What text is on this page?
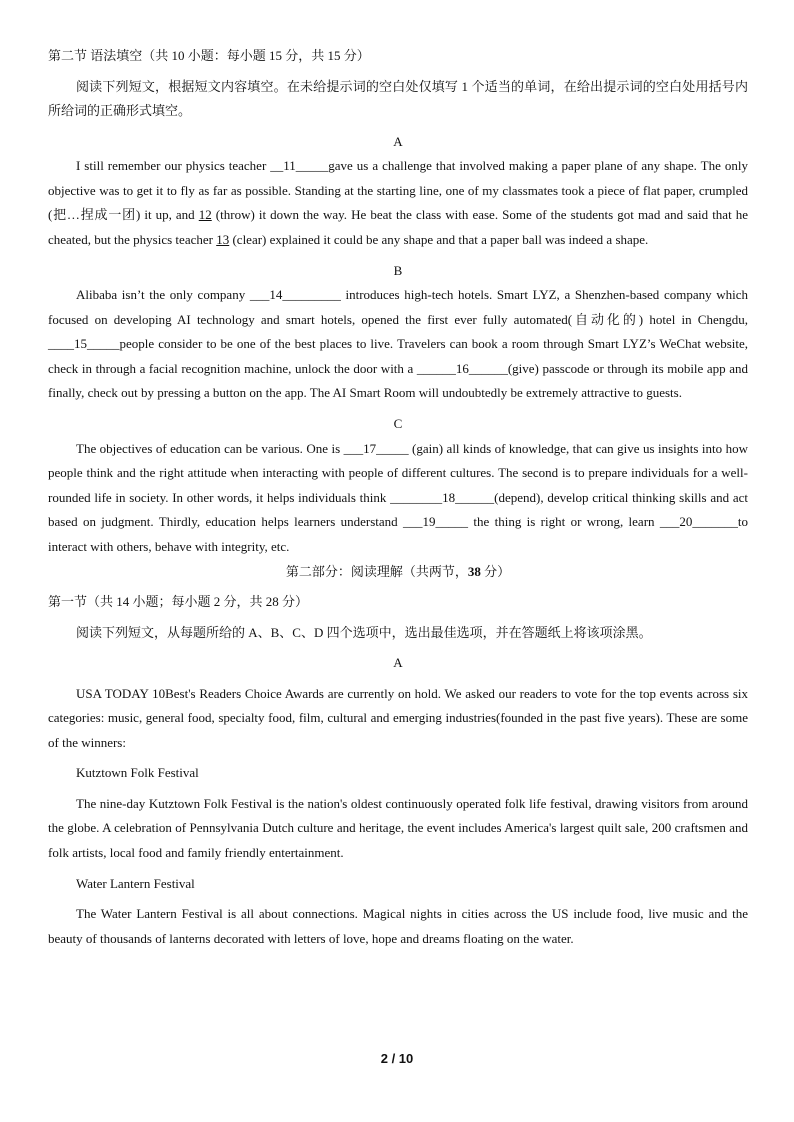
第二节 语法填空（共 10 小题：每小题 15 分，共 15 分）

阅读下列短文，根据短文内容填空。在未给提示词的空白处仅填写 1 个适当的单词，在给出提示词的空白处用括号内所给词的正确形式填空。

A

I still remember our physics teacher __11_____gave us a challenge that involved making a paper plane of any shape. The only objective was to get it to fly as far as possible. Standing at the starting line, one of my classmates took a piece of flat paper, crumpled (把…捏成一团) it up, and 12 (throw) it down the way. He beat the class with ease. Some of the students got mad and said that he cheated, but the physics teacher 13 (clear) explained it could be any shape and that a paper ball was indeed a shape.

B

Alibaba isn’t the only company ___14_________ introduces high-tech hotels. Smart LYZ, a Shenzhen-based company which focused on developing AI technology and smart hotels, opened the first ever fully automated(自动化的) hotel in Chengdu, ____15_____people consider to be one of the best places to live. Travelers can book a room through Smart LYZ’s WeChat website, check in through a facial recognition machine, unlock the door with a ______16______(give) passcode or through its mobile app and finally, check out by pressing a button on the app. The AI Smart Room will undoubtedly be extremely attractive to guests.

C

The objectives of education can be various. One is ___17_____ (gain) all kinds of knowledge, that can give us insights into how people think and the right attitude when interacting with people of different cultures. The second is to prepare individuals for a well-rounded life in society. In other words, it helps individuals think ________18______(depend), develop critical thinking skills and act based on judgment. Thirdly, education helps learners understand ___19_____ the thing is right or wrong, learn ___20_______to interact with others, behave with integrity, etc.

第二部分：阅读理解（共两节，38 分）
第一节（共 14 小题；每小题 2 分，共 28 分）

阅读下列短文，从每题所给的 A、B、C、D 四个选项中，选出最佳选项，并在答题纸上将该项涂黑。

A

USA TODAY 10Best's Readers Choice Awards are currently on hold. We asked our readers to vote for the top events across six categories: music, general food, specialty food, film, cultural and emerging industries(founded in the past five years). These are some of the winners:

Kutztown Folk Festival

The nine-day Kutztown Folk Festival is the nation's oldest continuously operated folk life festival, drawing visitors from around the globe. A celebration of Pennsylvania Dutch culture and heritage, the event includes America's largest quilt sale, 200 craftsmen and folk artists, local food and family friendly entertainment.

Water Lantern Festival

The Water Lantern Festival is all about connections. Magical nights in cities across the US include food, live music and the beauty of thousands of lanterns decorated with letters of love, hope and dreams floating on the water.

2 / 10
